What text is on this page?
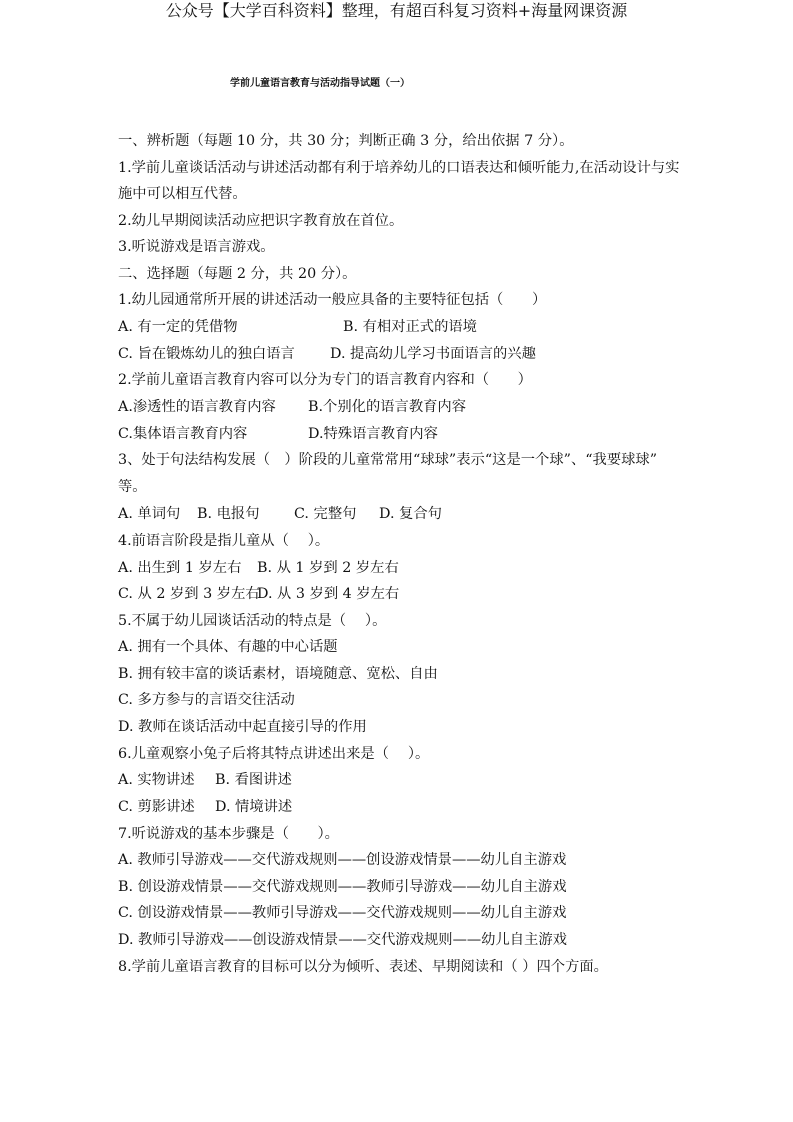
公众号【大学百科资料】整理，有超百科复习资料+海量网课资源
学前儿童语言教育与活动指导试题（一）
一、辨析题（每题 10 分，共 30 分；判断正确 3 分，给出依据 7 分）。
1.学前儿童谈话活动与讲述活动都有利于培养幼儿的口语表达和倾听能力,在活动设计与实
施中可以相互代替。
2.幼儿早期阅读活动应把识字教育放在首位。
3.听说游戏是语言游戏。
二、选择题（每题 2 分，共 20 分）。
1.幼儿园通常所开展的讲述活动一般应具备的主要特征包括（　　）
A. 有一定的凭借物	B. 有相对正式的语境
C. 旨在锻炼幼儿的独白语言 D. 提高幼儿学习书面语言的兴趣
2.学前儿童语言教育内容可以分为专门的语言教育内容和（　　）
A.渗透性的语言教育内容 B.个别化的语言教育内容
C.集体语言教育内容	D.特殊语言教育内容
3、处于句法结构发展（　）阶段的儿童常常用“球球”表示“这是一个球”、“我要球球”
等。
A. 单词句 B. 电报句 C. 完整句 D. 复合句
4.前语言阶段是指儿童从（　 ）。
A. 出生到 1 岁左右 B. 从 1 岁到 2 岁左右
C. 从 2 岁到 3 岁左右
D. 从 3 岁到 4 岁左右
5.不属于幼儿园谈话活动的特点是（　 ）。
A. 拥有一个具体、有趣的中心话题
B. 拥有较丰富的谈话素材，语境随意、宽松、自由
C. 多方参与的言语交往活动
D. 教师在谈话活动中起直接引导的作用
6.儿童观察小兔子后将其特点讲述出来是（　 ）。
A. 实物讲述 B. 看图讲述
C. 剪影讲述 D. 情境讲述
7.听说游戏的基本步骤是（　　）。
A. 教师引导游戏——交代游戏规则——创设游戏情景——幼儿自主游戏
B. 创设游戏情景——交代游戏规则——教师引导游戏——幼儿自主游戏
C. 创设游戏情景——教师引导游戏——交代游戏规则——幼儿自主游戏
D. 教师引导游戏——创设游戏情景——交代游戏规则——幼儿自主游戏
8.学前儿童语言教育的目标可以分为倾听、表述、早期阅读和（ ）四个方面。
